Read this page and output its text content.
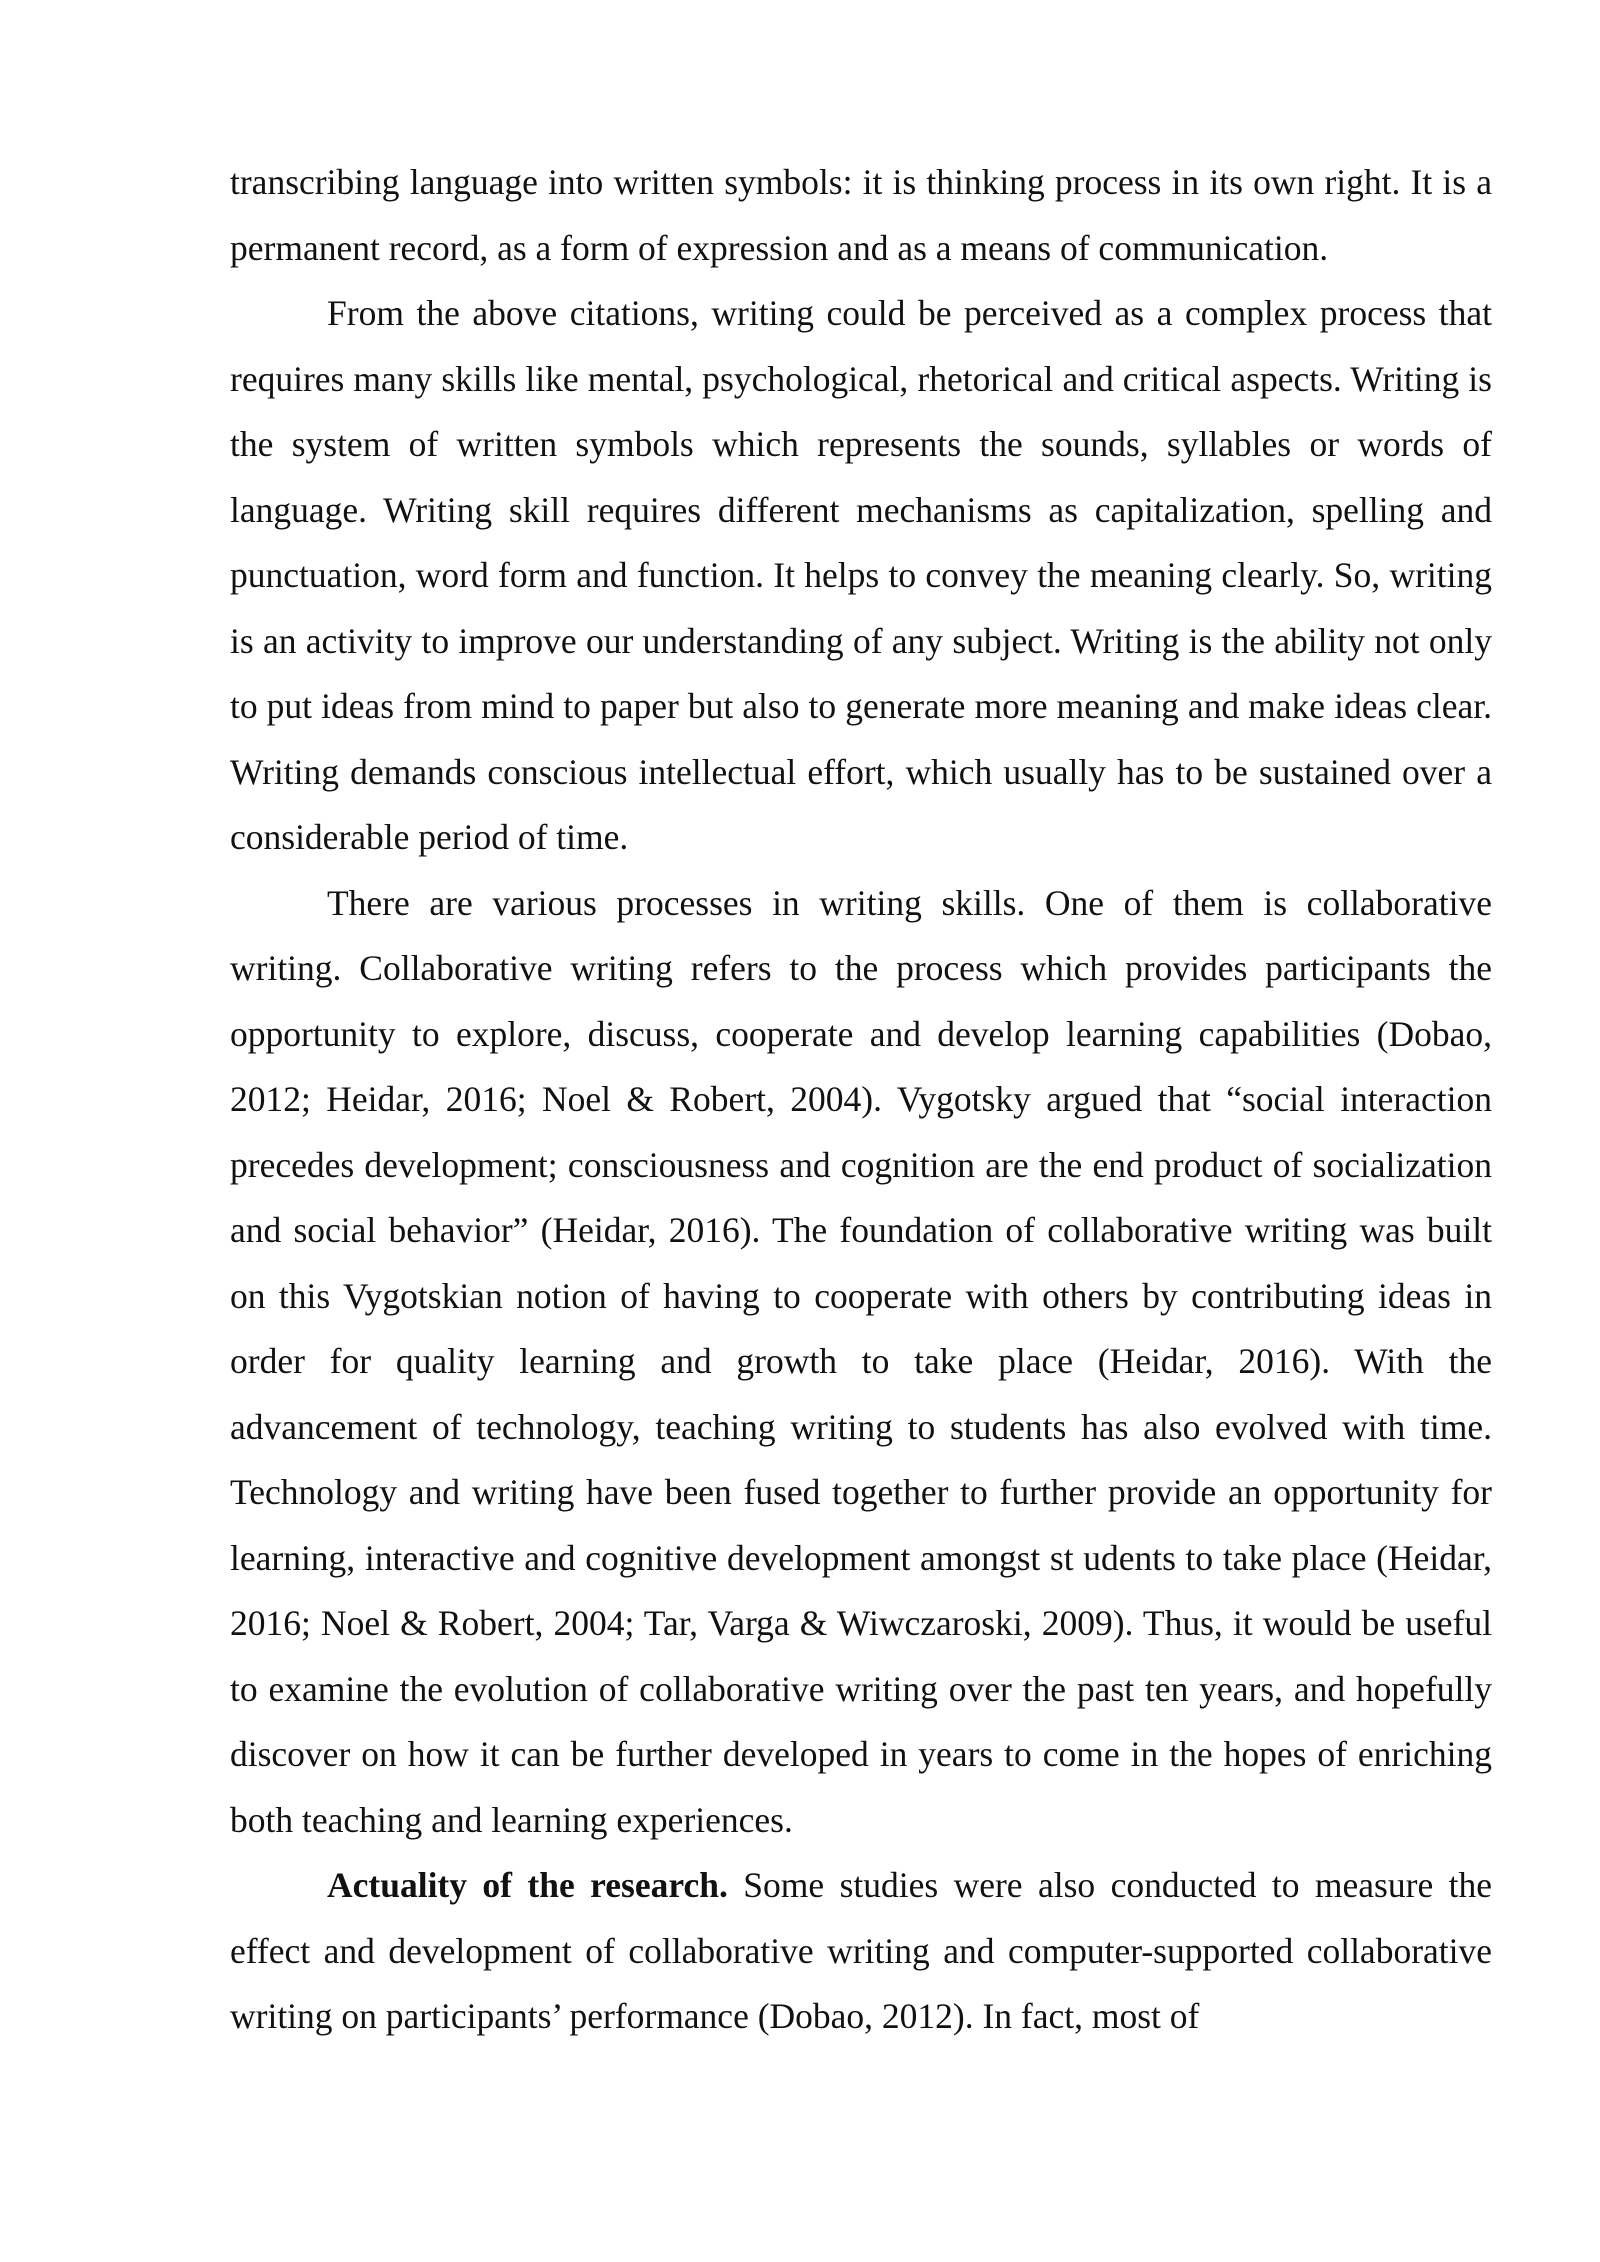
transcribing language into written symbols: it is thinking process in its own right. It is a permanent record, as a form of expression and as a means of communication.

From the above citations, writing could be perceived as a complex process that requires many skills like mental, psychological, rhetorical and critical aspects. Writing is the system of written symbols which represents the sounds, syllables or words of language. Writing skill requires different mechanisms as capitalization, spelling and punctuation, word form and function. It helps to convey the meaning clearly. So, writing is an activity to improve our understanding of any subject. Writing is the ability not only to put ideas from mind to paper but also to generate more meaning and make ideas clear. Writing demands conscious intellectual effort, which usually has to be sustained over a considerable period of time.

There are various processes in writing skills. One of them is collaborative writing. Collaborative writing refers to the process which provides participants the opportunity to explore, discuss, cooperate and develop learning capabilities (Dobao, 2012; Heidar, 2016; Noel & Robert, 2004). Vygotsky argued that “social interaction precedes development; consciousness and cognition are the end product of socialization and social behavior” (Heidar, 2016). The foundation of collaborative writing was built on this Vygotskian notion of having to cooperate with others by contributing ideas in order for quality learning and growth to take place (Heidar, 2016). With the advancement of technology, teaching writing to students has also evolved with time. Technology and writing have been fused together to further provide an opportunity for learning, interactive and cognitive development amongst st udents to take place (Heidar, 2016; Noel & Robert, 2004; Tar, Varga & Wiwczaroski, 2009). Thus, it would be useful to examine the evolution of collaborative writing over the past ten years, and hopefully discover on how it can be further developed in years to come in the hopes of enriching both teaching and learning experiences.

Actuality of the research. Some studies were also conducted to measure the effect and development of collaborative writing and computer-supported collaborative writing on participants’ performance (Dobao, 2012). In fact, most of
